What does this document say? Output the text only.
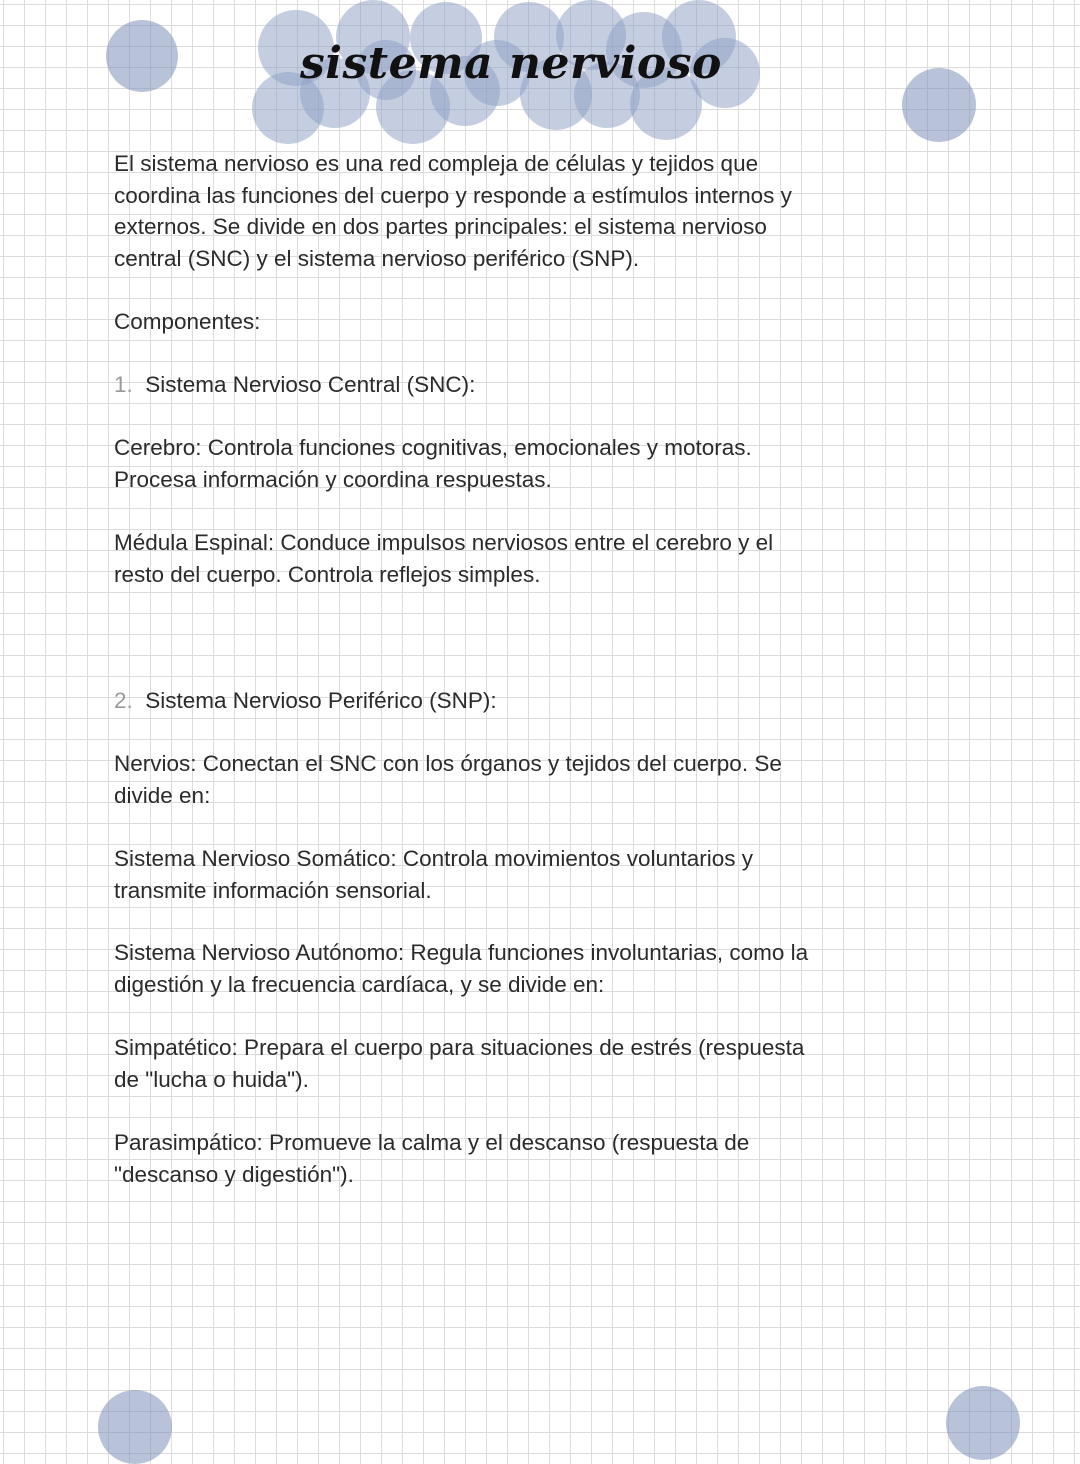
sistema nervioso
El sistema nervioso es una red compleja de células y tejidos que
coordina las funciones del cuerpo y responde a estímulos internos y
externos. Se divide en dos partes principales: el sistema nervioso
central (SNC) y el sistema nervioso periférico (SNP).
Componentes:
1. Sistema Nervioso Central (SNC):
Cerebro: Controla funciones cognitivas, emocionales y motoras.
Procesa información y coordina respuestas.
Médula Espinal: Conduce impulsos nerviosos entre el cerebro y el
resto del cuerpo. Controla reflejos simples.
2. Sistema Nervioso Periférico (SNP):
Nervios: Conectan el SNC con los órganos y tejidos del cuerpo. Se
divide en:
Sistema Nervioso Somático: Controla movimientos voluntarios y
transmite información sensorial.
Sistema Nervioso Autónomo: Regula funciones involuntarias, como la
digestión y la frecuencia cardíaca, y se divide en:
Simpatético: Prepara el cuerpo para situaciones de estrés (respuesta
de "lucha o huida").
Parasimpático: Promueve la calma y el descanso (respuesta de
"descanso y digestión").
